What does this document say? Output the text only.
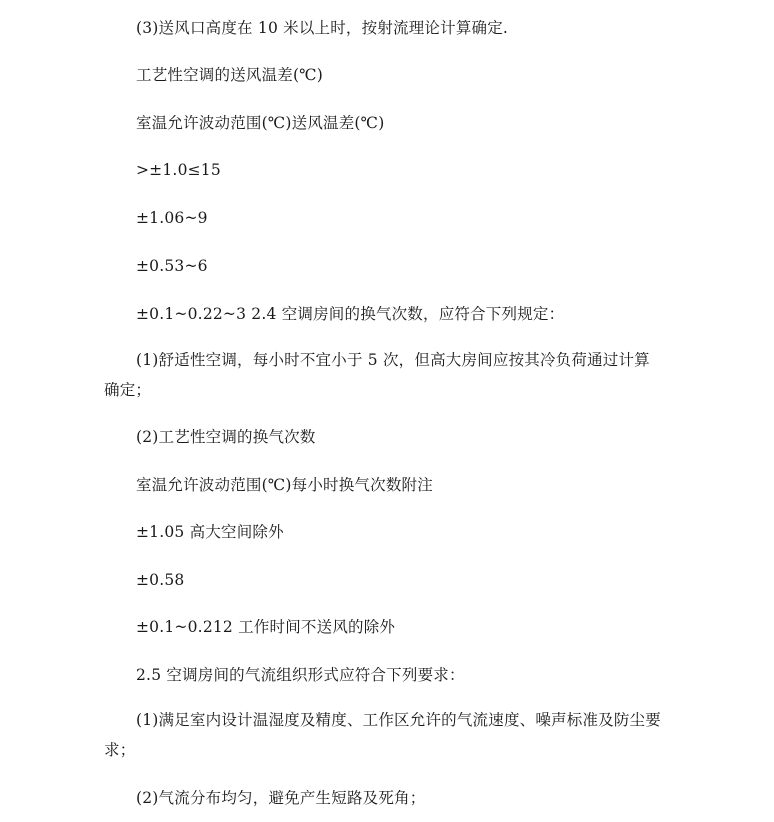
(3)送风口高度在 10 米以上时，按射流理论计算确定.

工艺性空调的送风温差(℃)

室温允许波动范围(℃)送风温差(℃)

>±1.0≤15

±1.06~9

±0.53~6

±0.1~0.22~3 2.4 空调房间的换气次数，应符合下列规定：

(1)舒适性空调，每小时不宜小于 5 次，但高大房间应按其冷负荷通过计算确定；

(2)工艺性空调的换气次数

室温允许波动范围(℃)每小时换气次数附注

±1.05 高大空间除外

±0.58

±0.1~0.212 工作时间不送风的除外

2.5 空调房间的气流组织形式应符合下列要求：

(1)满足室内设计温湿度及精度、工作区允许的气流速度、噪声标准及防尘要求；

(2)气流分布均匀，避免产生短路及死角；
